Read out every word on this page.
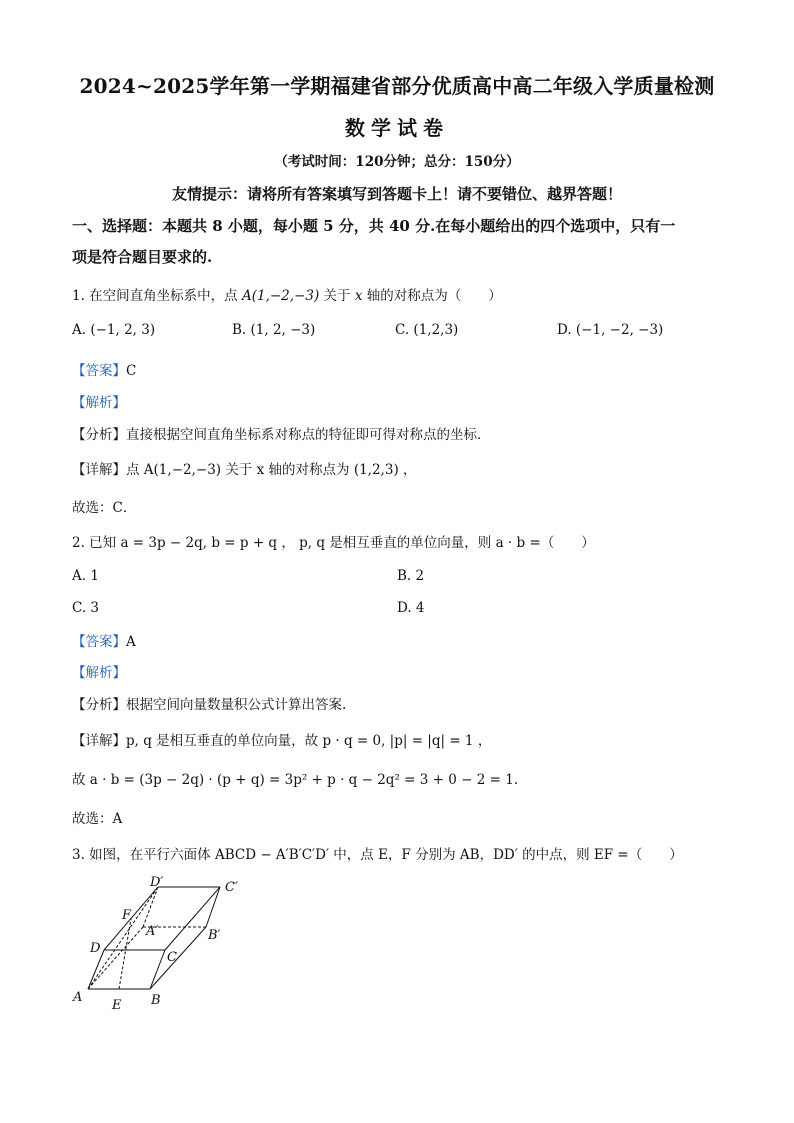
2024~2025学年第一学期福建省部分优质高中高二年级入学质量检测
数学试卷
（考试时间：120分钟；总分：150分）
友情提示：请将所有答案填写到答题卡上！请不要错位、越界答题！
一、选择题：本题共 8 小题，每小题 5 分，共 40 分.在每小题给出的四个选项中，只有一
项是符合题目要求的.
1. 在空间直角坐标系中，点 A(1,−2,−3) 关于 x 轴的对称点为（　　）
A. (−1, 2, 3)	B. (1, 2, −3)	C. (1,2,3)	D. (−1, −2, −3)
【答案】C
【解析】
【分析】直接根据空间直角坐标系对称点的特征即可得对称点的坐标．
【详解】点 A(1,−2,−3) 关于 x 轴的对称点为 (1,2,3) ，
故选：C．
2. 已知 a = 3p − 2q, b = p + q ， p, q 是相互垂直的单位向量，则 a · b =（　　）
A. 1	B. 2
C. 3	D. 4
【答案】A
【解析】
【分析】根据空间向量数量积公式计算出答案.
【详解】p, q 是相互垂直的单位向量，故 p · q = 0, |p| = |q| = 1 ，
故 a · b = (3p − 2q) · (p + q) = 3p² + p · q − 2q² = 3 + 0 − 2 = 1.
故选：A
3. 如图，在平行六面体 ABCD − A′B′C′D′ 中，点 E，F 分别为 AB，DD′ 的中点，则 EF =（　　）
D′	C′
F
A′	B′
D
C
A
E B
